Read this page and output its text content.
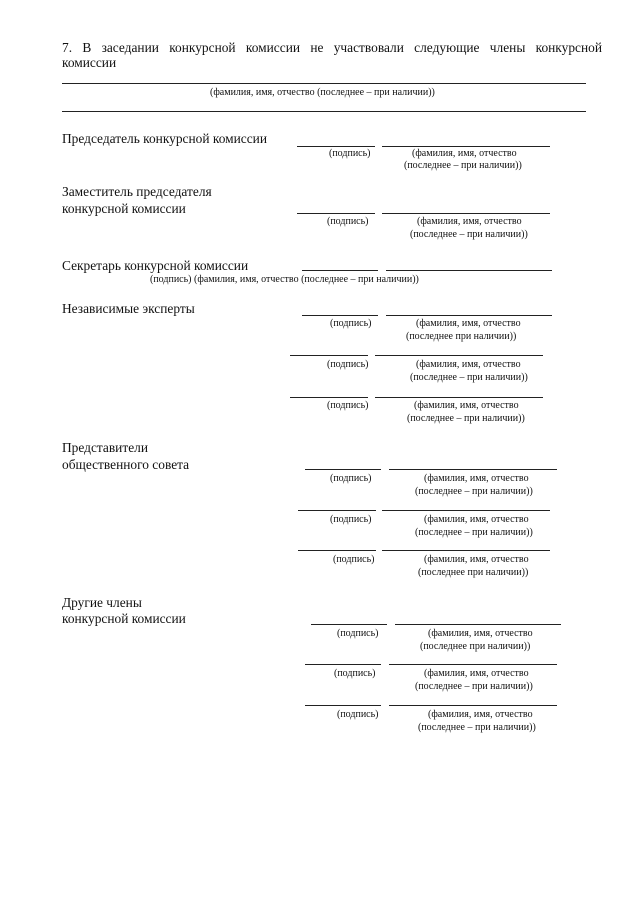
7. В заседании конкурсной комиссии не участвовали следующие члены конкурсной
комиссии
(фамилия, имя, отчество (последнее – при наличии))
Председатель конкурсной комиссии
(подпись)	(фамилия, имя, отчество
(последнее – при наличии))
Заместитель председателя
конкурсной комиссии
(подпись)	(фамилия, имя, отчество
(последнее – при наличии))
Секретарь конкурсной комиссии
(подпись) (фамилия, имя, отчество (последнее – при наличии))
Независимые эксперты
(подпись)	(фамилия, имя, отчество
(последнее при наличии))
(подпись)	(фамилия, имя, отчество
(последнее – при наличии))
(подпись)	(фамилия, имя, отчество
(последнее – при наличии))
Представители
общественного совета
(подпись)	(фамилия, имя, отчество
(последнее – при наличии))
(подпись)	(фамилия, имя, отчество
(последнее – при наличии))
(подпись)	(фамилия, имя, отчество
(последнее при наличии))
Другие члены
конкурсной комиссии
(подпись)	(фамилия, имя, отчество
(последнее при наличии))
(подпись)	(фамилия, имя, отчество
(последнее – при наличии))
(подпись)	(фамилия, имя, отчество
(последнее – при наличии))
